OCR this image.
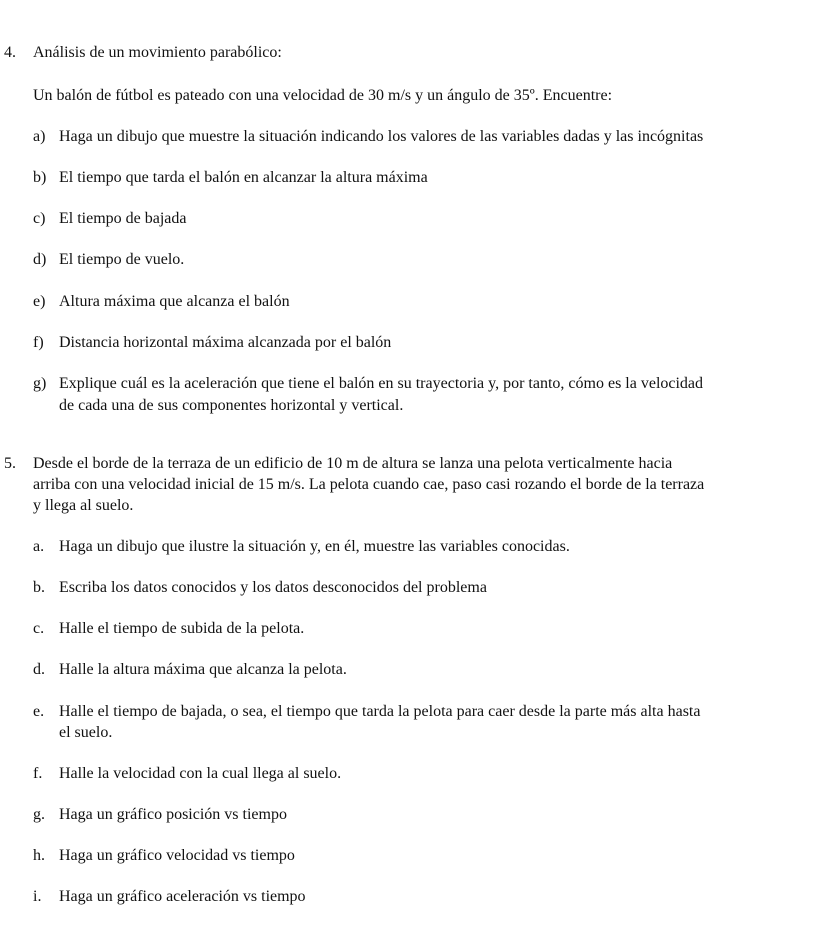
4. Análisis de un movimiento parabólico:
Un balón de fútbol es pateado con una velocidad de 30 m/s y un ángulo de 35º. Encuentre:
a) Haga un dibujo que muestre la situación indicando los valores de las variables dadas y las incógnitas
b) El tiempo que tarda el balón en alcanzar la altura máxima
c) El tiempo de bajada
d) El tiempo de vuelo.
e) Altura máxima que alcanza el balón
f) Distancia horizontal máxima alcanzada por el balón
g) Explique cuál es la aceleración que tiene el balón en su trayectoria y, por tanto, cómo es la velocidad
de cada una de sus componentes horizontal y vertical.
5. Desde el borde de la terraza de un edificio de 10 m de altura se lanza una pelota verticalmente hacia
arriba con una velocidad inicial de 15 m/s. La pelota cuando cae, paso casi rozando el borde de la terraza
y llega al suelo.
a. Haga un dibujo que ilustre la situación y, en él, muestre las variables conocidas.
b. Escriba los datos conocidos y los datos desconocidos del problema
c. Halle el tiempo de subida de la pelota.
d. Halle la altura máxima que alcanza la pelota.
e. Halle el tiempo de bajada, o sea, el tiempo que tarda la pelota para caer desde la parte más alta hasta
el suelo.
f. Halle la velocidad con la cual llega al suelo.
g. Haga un gráfico posición vs tiempo
h. Haga un gráfico velocidad vs tiempo
i. Haga un gráfico aceleración vs tiempo
